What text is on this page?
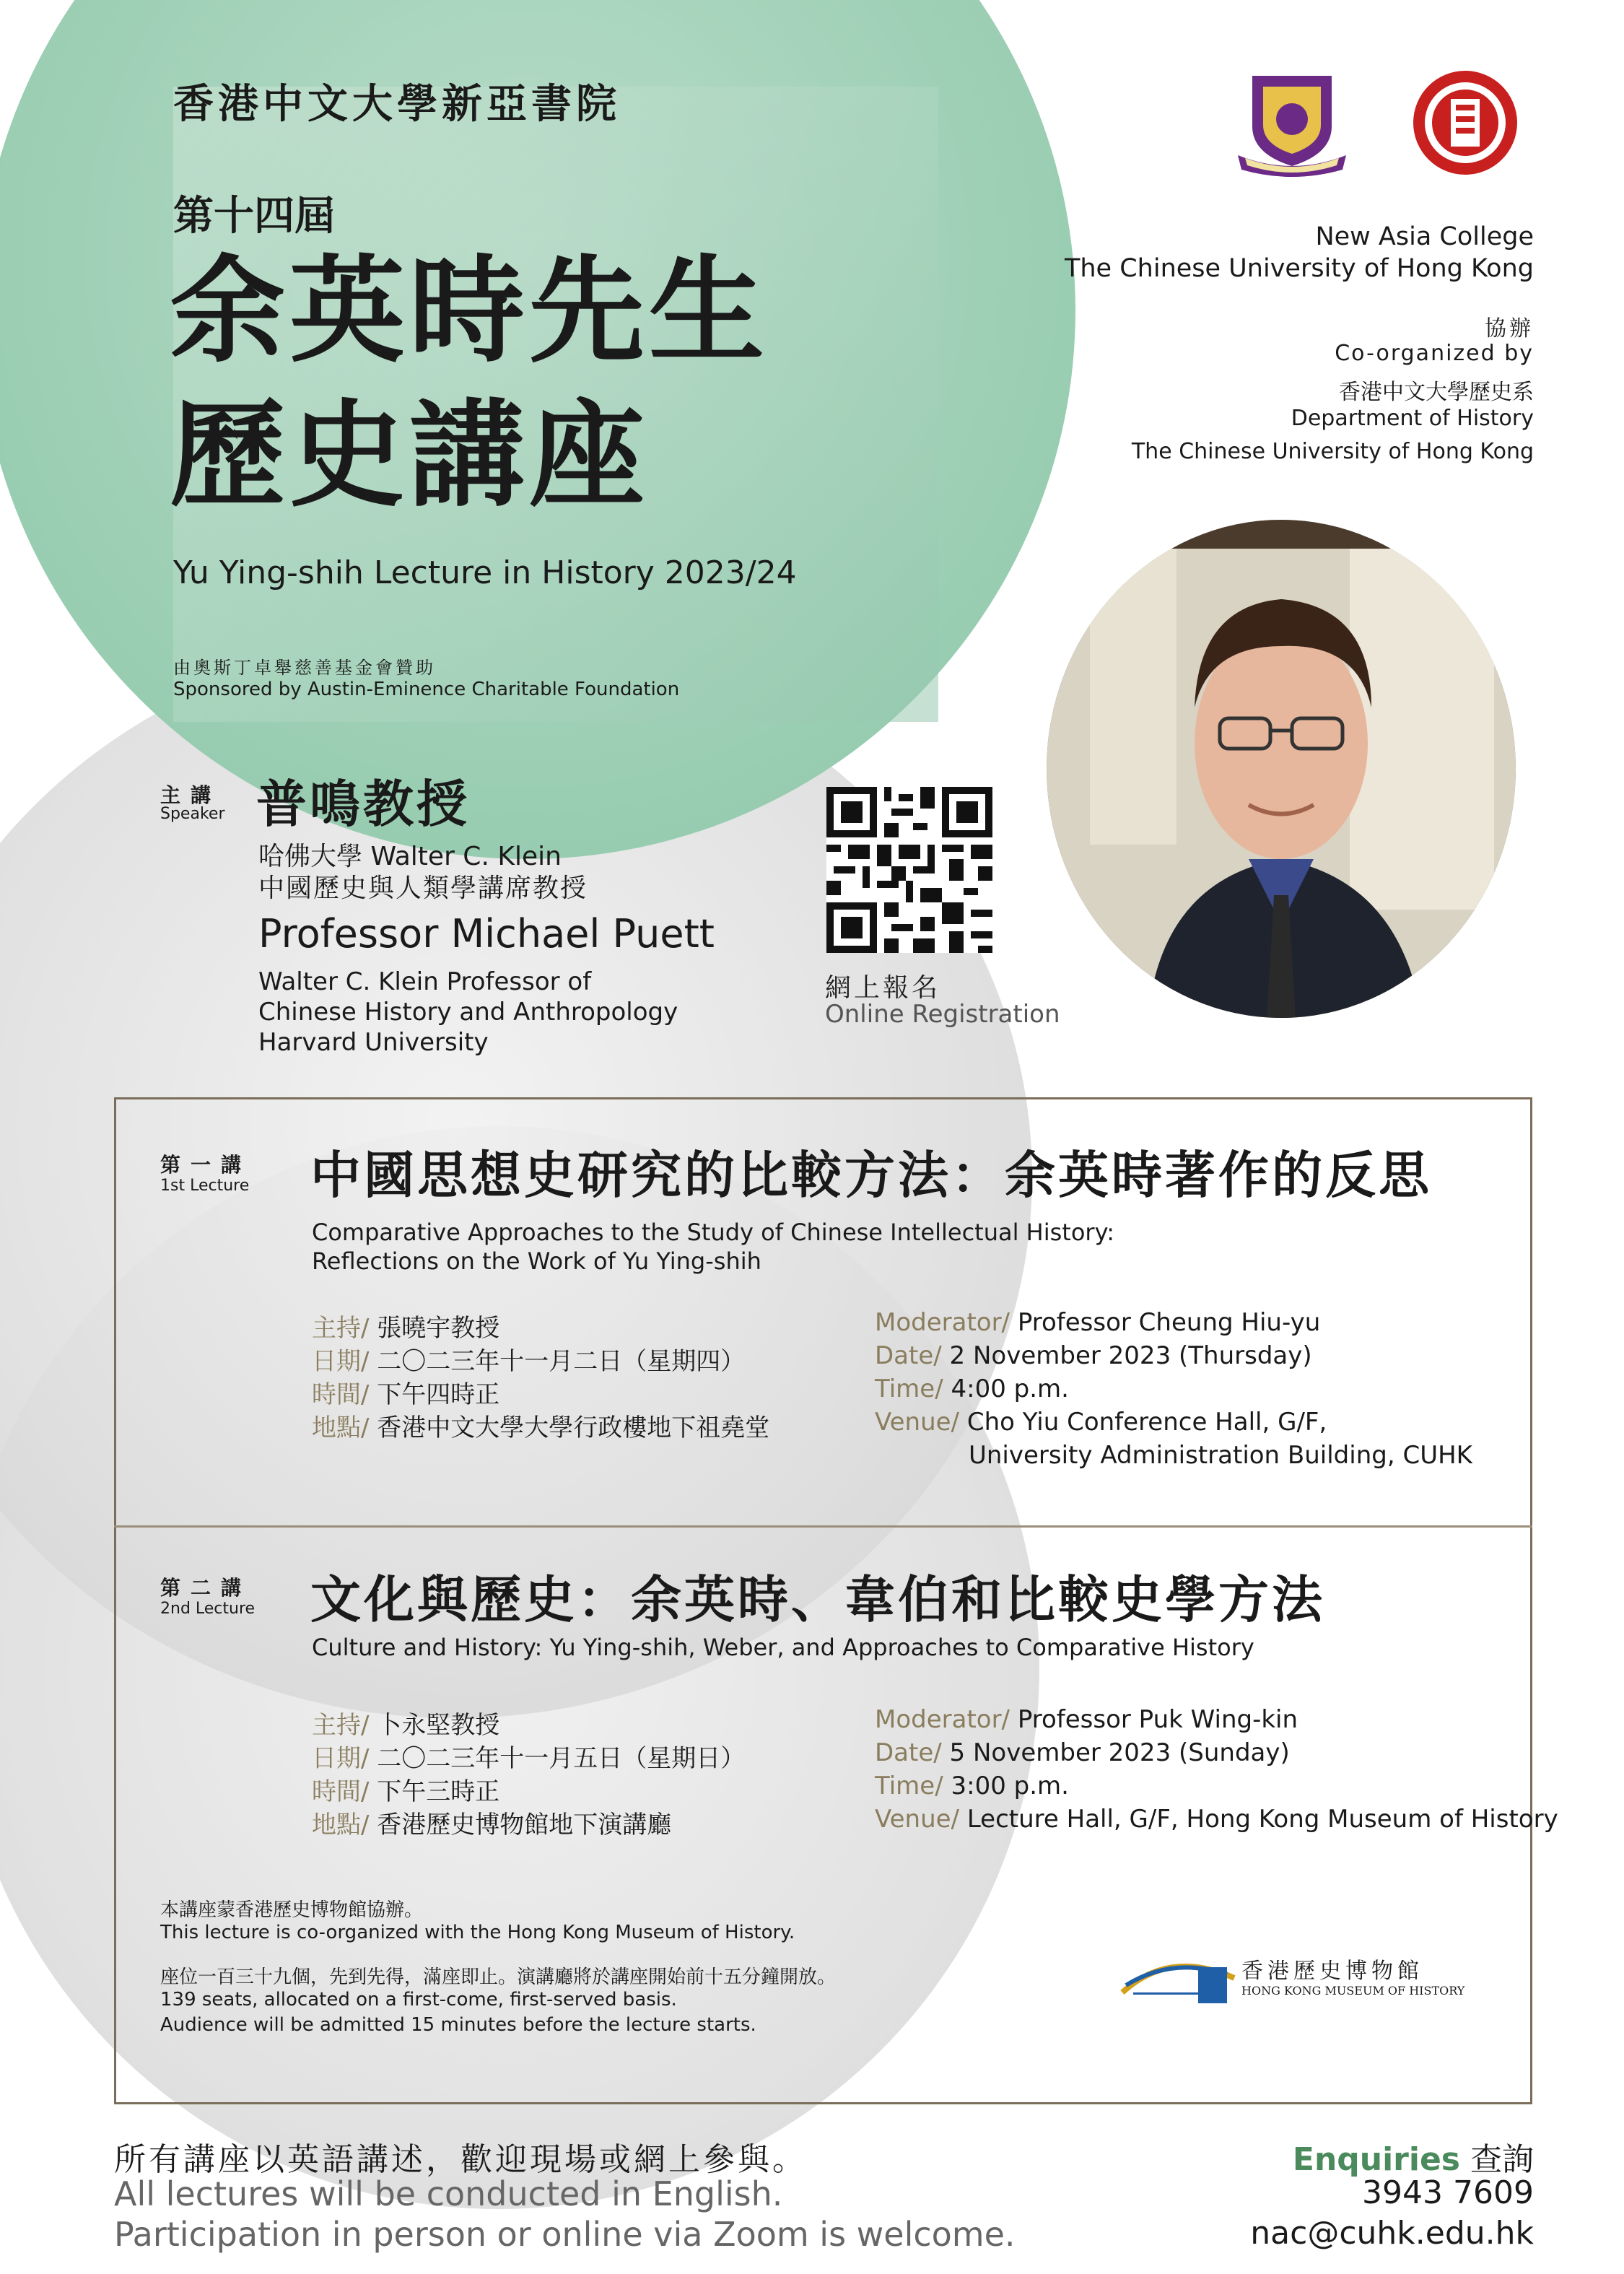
香港中文大學新亞書院
第十四屆
余英時先生
歷史講座
Yu Ying-shih Lecture in History 2023/24
由奧斯丁卓舉慈善基金會贊助
Sponsored by Austin-Eminence Charitable Foundation
New Asia College
The Chinese University of Hong Kong
協辦
Co-organized by
香港中文大學歷史系
Department of History
The Chinese University of Hong Kong
主講
Speaker 普鳴教授
哈佛大學 Walter C. Klein
中國歷史與人類學講席教授
Professor Michael Puett
Walter C. Klein Professor of
Chinese History and Anthropology
Harvard University
網上報名
Online Registration
第一講
1st Lecture 中國思想史研究的比較方法：余英時著作的反思
Comparative Approaches to the Study of Chinese Intellectual History:
Reflections on the Work of Yu Ying-shih
主持/ 張曉宇教授
日期/ 二〇二三年十一月二日（星期四）
時間/ 下午四時正
地點/ 香港中文大學大學行政樓地下祖堯堂
Moderator/ Professor Cheung Hiu-yu
Date/ 2 November 2023 (Thursday)
Time/ 4:00 p.m.
Venue/ Cho Yiu Conference Hall, G/F,
University Administration Building, CUHK
第二講
2nd Lecture 文化與歷史：余英時、韋伯和比較史學方法
Culture and History: Yu Ying-shih, Weber, and Approaches to Comparative History
主持/ 卜永堅教授
日期/ 二〇二三年十一月五日（星期日）
時間/ 下午三時正
地點/ 香港歷史博物館地下演講廳
Moderator/ Professor Puk Wing-kin
Date/ 5 November 2023 (Sunday)
Time/ 3:00 p.m.
Venue/ Lecture Hall, G/F, Hong Kong Museum of History
本講座蒙香港歷史博物館協辦。
This lecture is co-organized with the Hong Kong Museum of History.
座位一百三十九個，先到先得，滿座即止。演講廳將於講座開始前十五分鐘開放。
139 seats, allocated on a first-come, first-served basis.
Audience will be admitted 15 minutes before the lecture starts.
香港歷史博物館
HONG KONG MUSEUM OF HISTORY
所有講座以英語講述，歡迎現場或網上參與。
All lectures will be conducted in English.
Participation in person or online via Zoom is welcome.
Enquiries 查詢
3943 7609
nac@cuhk.edu.hk
